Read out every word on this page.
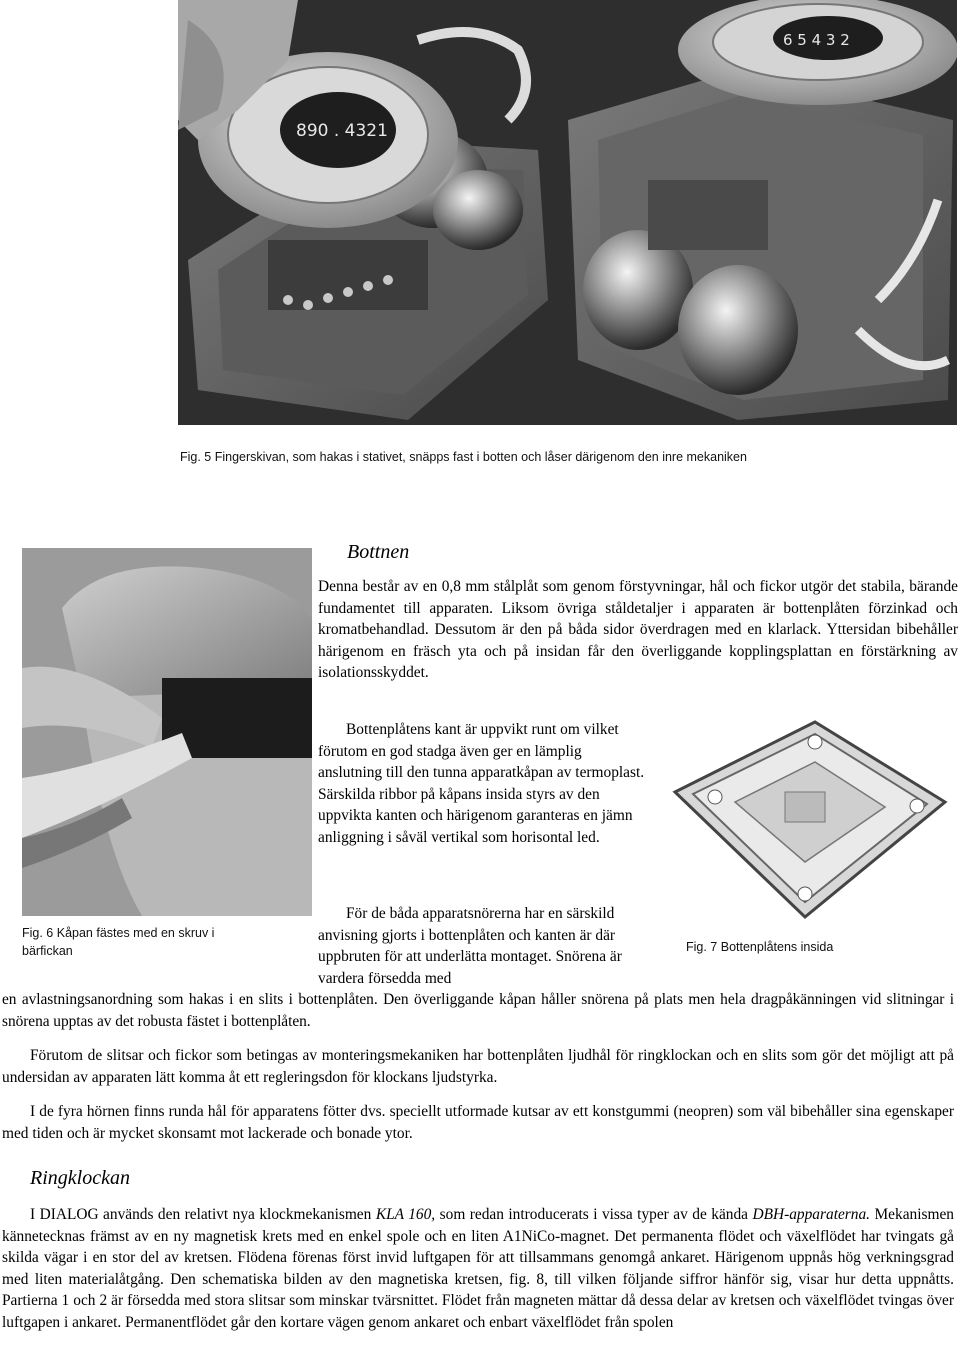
890 . 4321
6 5 4 3 2
Fig. 5 Fingerskivan, som hakas i stativet, snäpps fast i botten och låser därigenom den inre mekaniken
Fig. 6 Kåpan fästes med en skruv i
bärfickan	Fig. 7 Bottenplåtens insida
Bottnen

Denna består av en 0,8 mm stålplåt som genom förstyvningar, hål och fickor utgör det stabila, bärande fundamentet till apparaten. Liksom övriga ståldetaljer i apparaten är bottenplåten förzinkad och kromatbehandlad. Dessutom är den på båda sidor överdragen med en klarlack. Yttersidan bibehåller härigenom en fräsch yta och på insidan får den överliggande kopplingsplattan en förstärkning av isolationsskyddet.

Bottenplåtens kant är uppvikt runt om vilket förutom en god stadga även ger en lämplig anslutning till den tunna apparatkåpan av termoplast. Särskilda ribbor på kåpans insida styrs av den uppvikta kanten och härigenom garanteras en jämn anliggning i såväl vertikal som horisontal led.

För de båda apparatsnörerna har en särskild anvisning gjorts i bottenplåten och kanten är där uppbruten för att underlätta montaget. Snörena är vardera försedda med

en avlastningsanordning som hakas i en slits i bottenplåten. Den överliggande kåpan håller snörena på plats men hela dragpåkänningen vid slitningar i snörena upptas av det robusta fästet i bottenplåten.

Förutom de slitsar och fickor som betingas av monteringsmekaniken har bottenplåten ljudhål för ringklockan och en slits som gör det möjligt att på undersidan av apparaten lätt komma åt ett regleringsdon för klockans ljudstyrka.

I de fyra hörnen finns runda hål för apparatens fötter dvs. speciellt utformade kutsar av ett konstgummi (neopren) som väl bibehåller sina egenskaper med tiden och är mycket skonsamt mot lackerade och bonade ytor.

Ringklockan

I DIALOG används den relativt nya klockmekanismen KLA 160, som redan introducerats i vissa typer av de kända DBH-apparaterna. Mekanismen kännetecknas främst av en ny magnetisk krets med en enkel spole och en liten A1NiCo-magnet. Det permanenta flödet och växelflödet har tvingats gå skilda vägar i en stor del av kretsen. Flödena förenas först invid luftgapen för att tillsammans genomgå ankaret. Härigenom uppnås hög verkningsgrad med liten materialåtgång. Den schematiska bilden av den magnetiska kretsen, fig. 8, till vilken följande siffror hänför sig, visar hur detta uppnåtts. Partierna 1 och 2 är försedda med stora slitsar som minskar tvärsnittet. Flödet från magneten mättar då dessa delar av kretsen och växelflödet tvingas över luftgapen i ankaret. Permanentflödet går den kortare vägen genom ankaret och enbart växelflödet från spolen
